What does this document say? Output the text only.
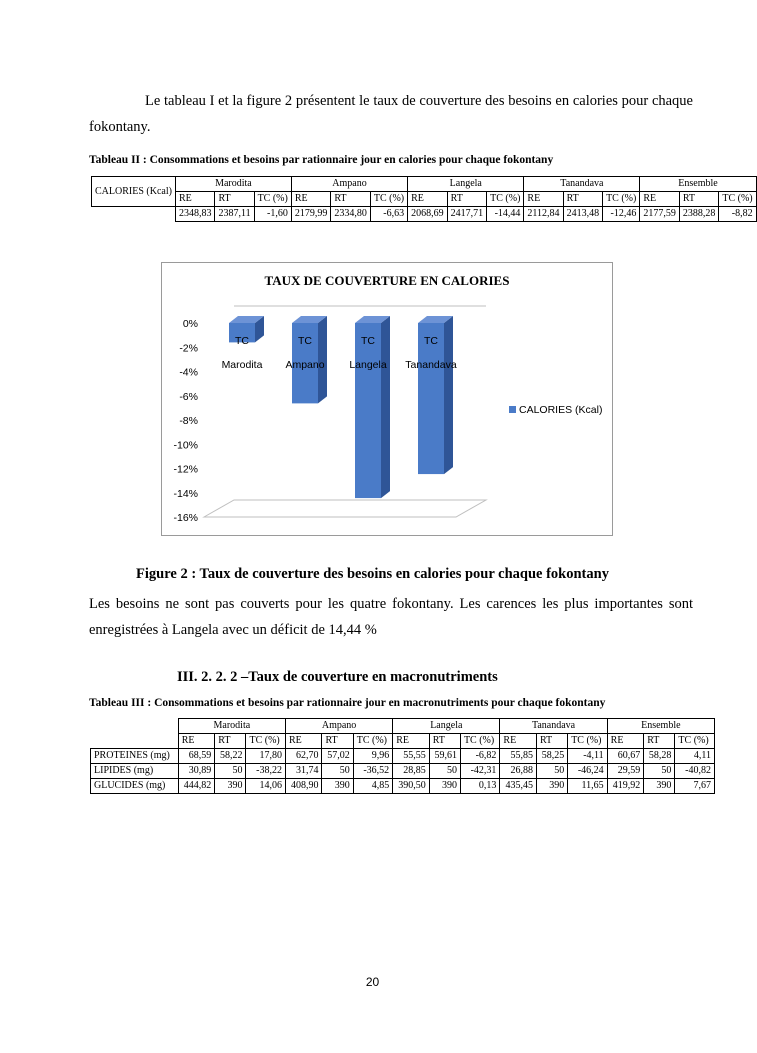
Le tableau I et la figure 2 présentent le taux de couverture des besoins en calories pour chaque fokontany.
Tableau II : Consommations et besoins par rationnaire jour en calories pour chaque fokontany
CALORIES (Kcal)	Marodita			Ampano			Langela			Tanandava			Ensemble		
	RE	RT	TC (%)	RE	RT	TC (%)	RE	RT	TC (%)	RE	RT	TC (%)	RE	RT	TC (%)
	2348,83	2387,11	-1,60	2179,99	2334,80	-6,63	2068,69	2417,71	-14,44	2112,84	2413,48	-12,46	2177,59	2388,28	-8,82
TAUX DE COUVERTURE EN CALORIES
0%
-2%
-4%
-6%
-8%
-10%
-12%
-14%
-16%
TC
Marodita
TC
Ampano
TC
Langela
TC
Tanandava
CALORIES (Kcal)
Figure 2 : Taux de couverture des besoins en calories pour chaque fokontany
Les besoins ne sont pas couverts pour les quatre fokontany. Les carences les plus importantes sont enregistrées à Langela avec un déficit de 14,44 %
III. 2. 2. 2 –Taux de couverture en macronutriments
Tableau III : Consommations et besoins par rationnaire jour en macronutriments pour chaque fokontany
	Marodita			Ampano			Langela			Tanandava			Ensemble		
	RE	RT	TC (%)	RE	RT	TC (%)	RE	RT	TC (%)	RE	RT	TC (%)	RE	RT	TC (%)
PROTEINES (mg)	68,59	58,22	17,80	62,70	57,02	9,96	55,55	59,61	-6,82	55,85	58,25	-4,11	60,67	58,28	4,11
LIPIDES (mg)	30,89	50	-38,22	31,74	50	-36,52	28,85	50	-42,31	26,88	50	-46,24	29,59	50	-40,82
GLUCIDES (mg)	444,82	390	14,06	408,90	390	4,85	390,50	390	0,13	435,45	390	11,65	419,92	390	7,67
20
